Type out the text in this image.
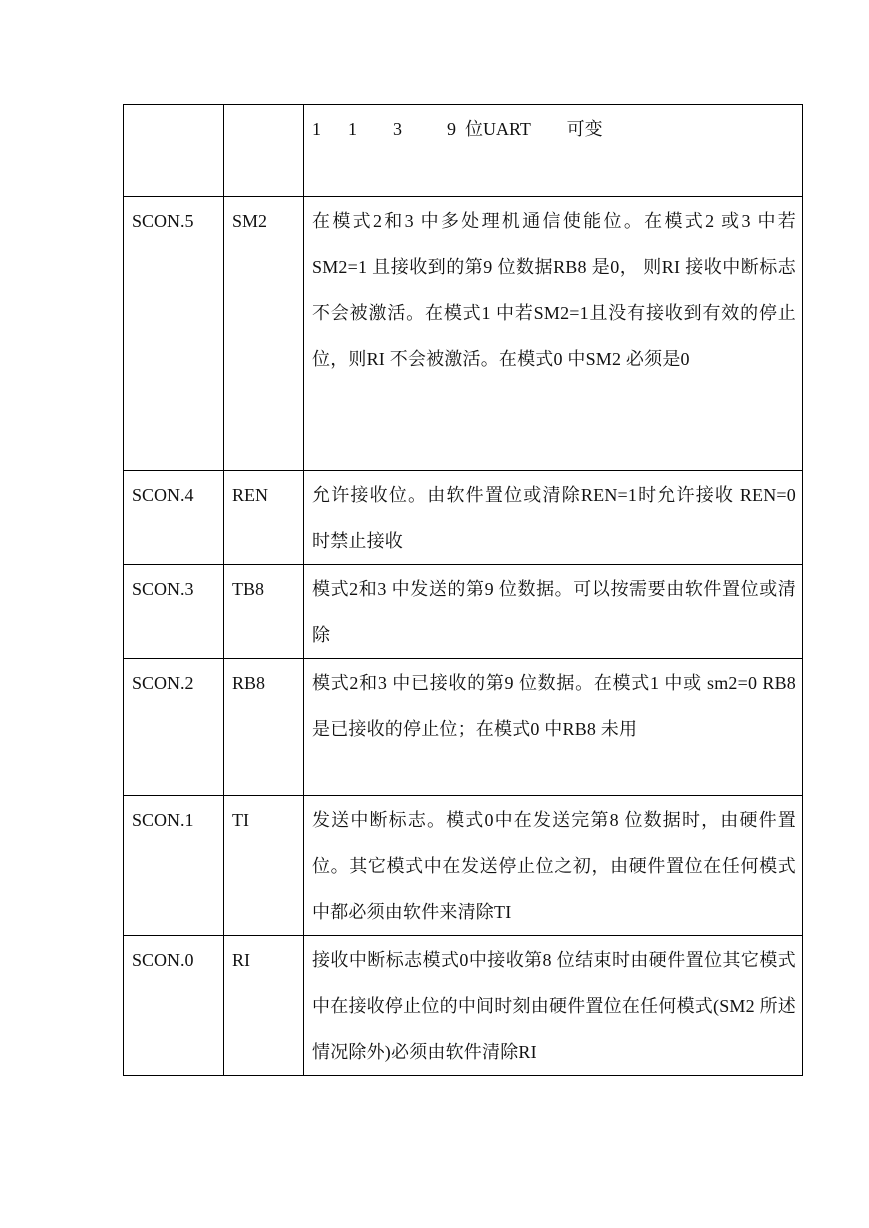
		1      1        3          9  位UART        可变

SCON.5	SM2	在模式2和3 中多处理机通信使能位。在模式2 或3 中若SM2=1 且接收到的第9 位数据RB8 是0， 则RI 接收中断标志不会被激活。在模式1 中若SM2=1且没有接收到有效的停止位，则RI 不会被激活。在模式0 中SM2 必须是0

SCON.4	REN	允许接收位。由软件置位或清除REN=1时允许接收 REN=0 时禁止接收

SCON.3	TB8	模式2和3 中发送的第9 位数据。可以按需要由软件置位或清除

SCON.2	RB8	模式2和3 中已接收的第9 位数据。在模式1 中或 sm2=0 RB8 是已接收的停止位；在模式0 中RB8 未用

SCON.1	TI	发送中断标志。模式0中在发送完第8 位数据时，由硬件置位。其它模式中在发送停止位之初，由硬件置位在任何模式中都必须由软件来清除TI

SCON.0	RI	接收中断标志模式0中接收第8 位结束时由硬件置位其它模式中在接收停止位的中间时刻由硬件置位在任何模式(SM2 所述情况除外)必须由软件清除RI
